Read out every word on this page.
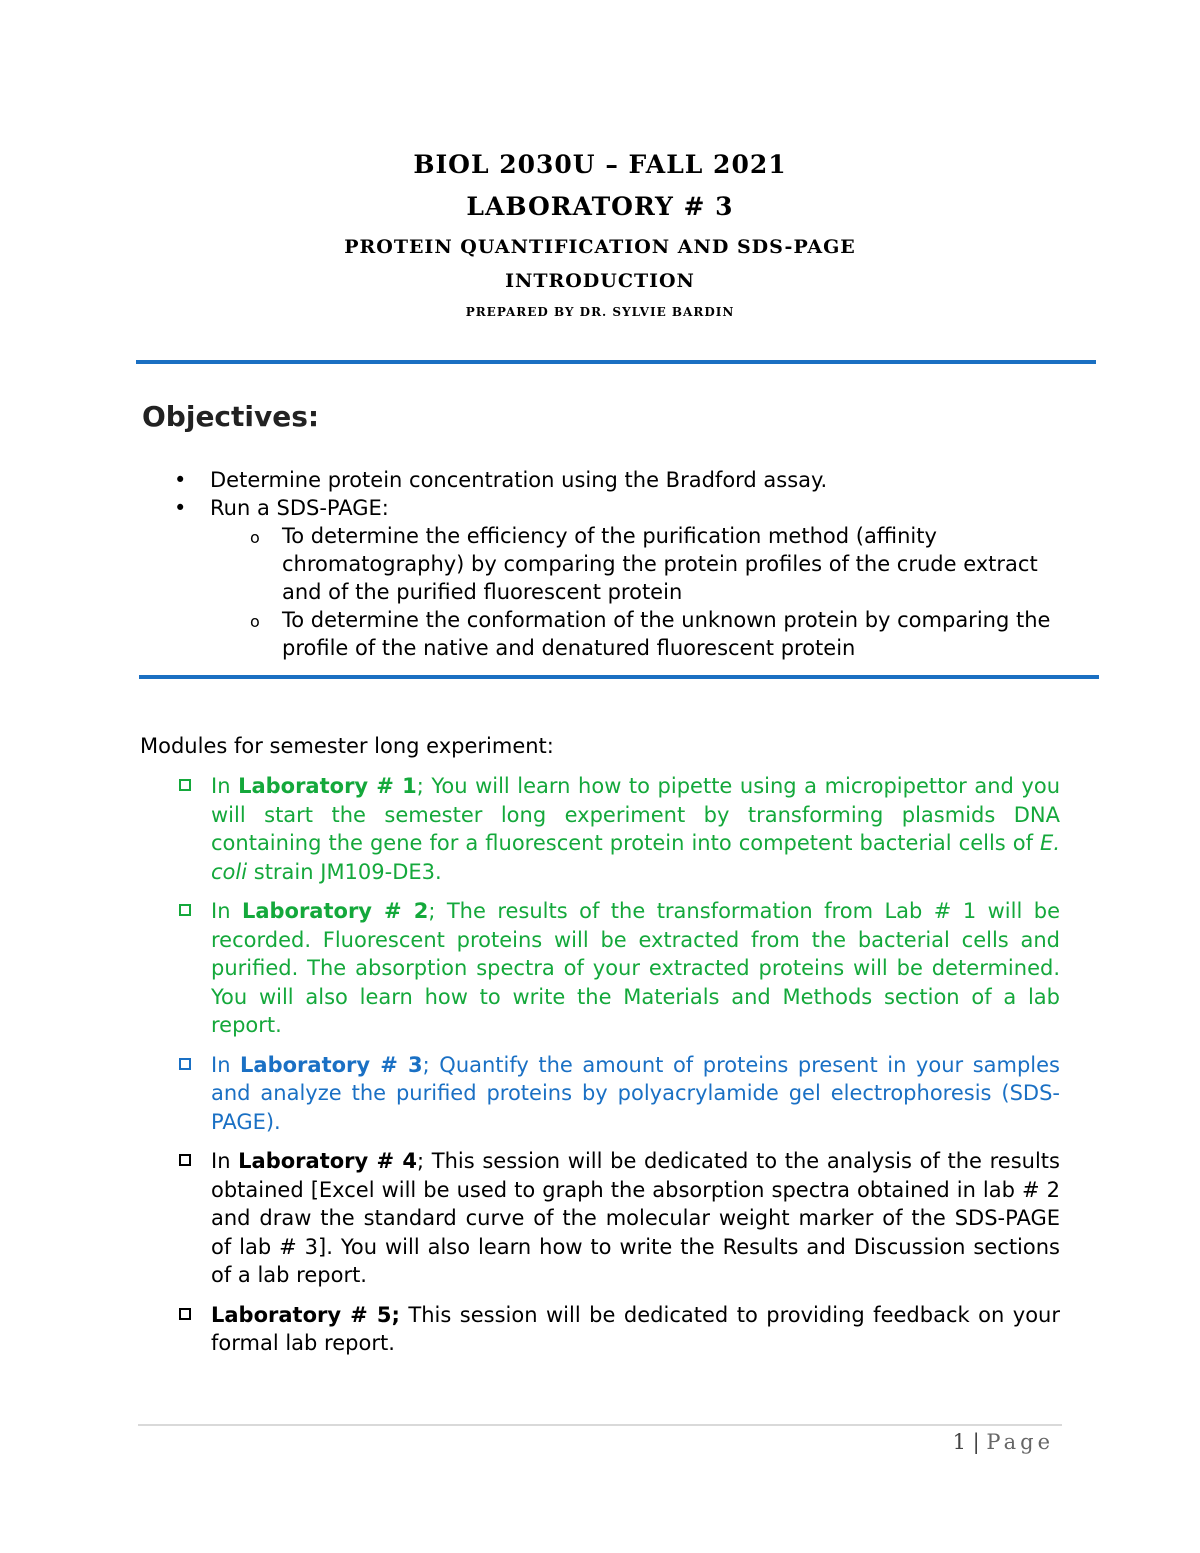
BIOL 2030U – FALL 2021
LABORATORY # 3
PROTEIN QUANTIFICATION AND SDS-PAGE
INTRODUCTION
PREPARED BY DR. SYLVIE BARDIN
Objectives:
• Determine protein concentration using the Bradford assay.
• Run a SDS-PAGE:
o To determine the efficiency of the purification method (affinity chromatography) by comparing the protein profiles of the crude extract and of the purified fluorescent protein
o To determine the conformation of the unknown protein by comparing the profile of the native and denatured fluorescent protein
Modules for semester long experiment:
In Laboratory # 1; You will learn how to pipette using a micropipettor and you will start the semester long experiment by transforming plasmids DNA containing the gene for a fluorescent protein into competent bacterial cells of E. coli strain JM109-DE3.
In Laboratory # 2; The results of the transformation from Lab # 1 will be recorded. Fluorescent proteins will be extracted from the bacterial cells and purified. The absorption spectra of your extracted proteins will be determined. You will also learn how to write the Materials and Methods section of a lab report.
In Laboratory # 3; Quantify the amount of proteins present in your samples and analyze the purified proteins by polyacrylamide gel electrophoresis (SDS-PAGE).
In Laboratory # 4; This session will be dedicated to the analysis of the results obtained [Excel will be used to graph the absorption spectra obtained in lab # 2 and draw the standard curve of the molecular weight marker of the SDS-PAGE of lab # 3]. You will also learn how to write the Results and Discussion sections of a lab report.
Laboratory # 5; This session will be dedicated to providing feedback on your formal lab report.
1 | Page
